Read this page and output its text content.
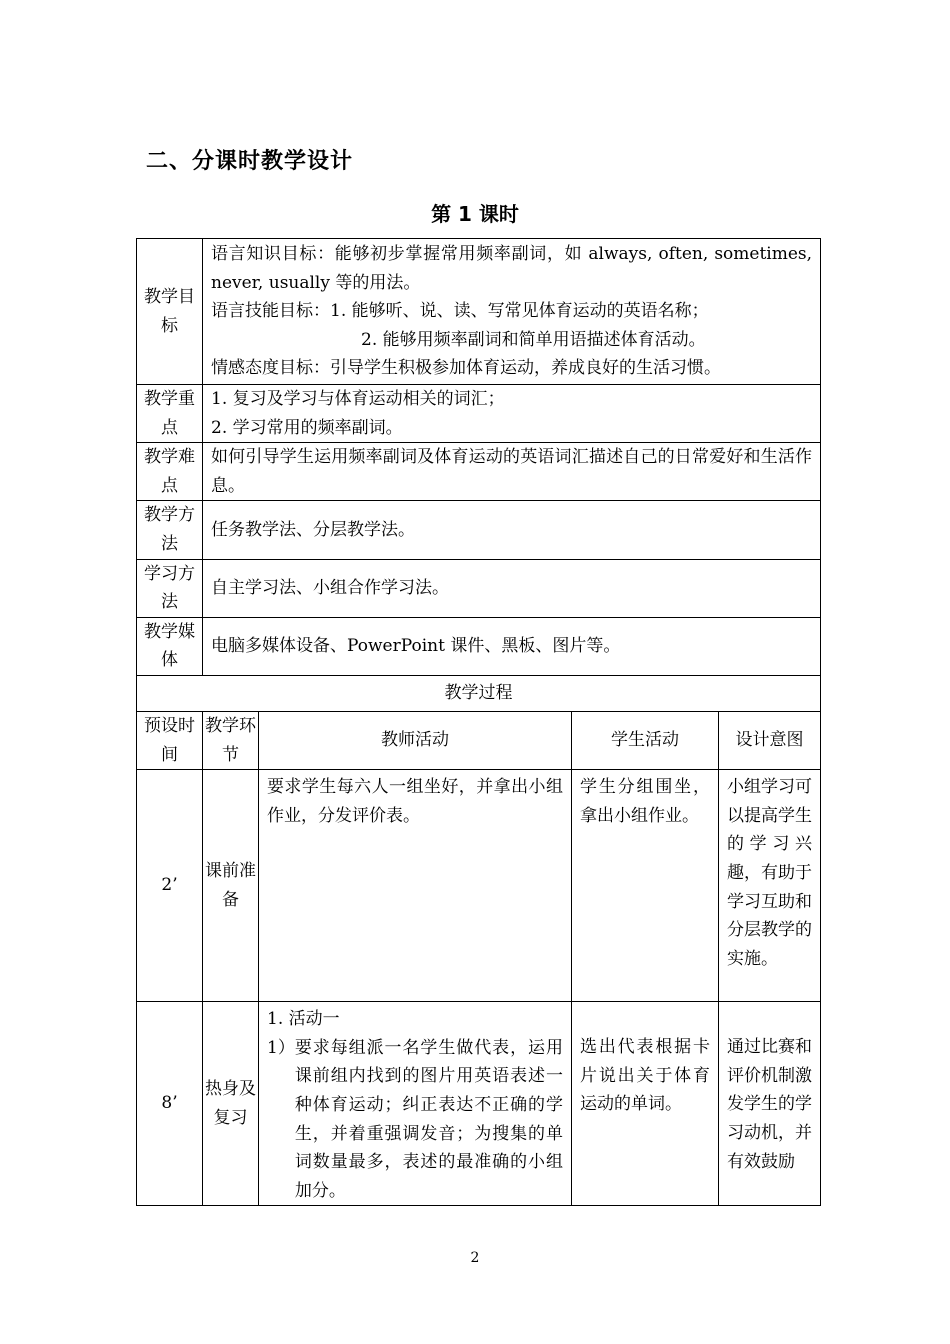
二、分课时教学设计
第 1 课时
教学目标	语言知识目标：能够初步掌握常用频率副词，如 always, often, sometimes, never, usually 等的用法。
语言技能目标：1. 能够听、说、读、写常见体育运动的英语名称；
2. 能够用频率副词和简单用语描述体育活动。
情感态度目标：引导学生积极参加体育运动，养成良好的生活习惯。			

教学重点	1. 复习及学习与体育运动相关的词汇；
2. 学习常用的频率副词。			

教学难点	如何引导学生运用频率副词及体育运动的英语词汇描述自己的日常爱好和生活作息。			
教学方法	任务教学法、分层教学法。			
学习方法	自主学习法、小组合作学习法。			
教学媒体	电脑多媒体设备、PowerPoint 课件、黑板、图片等。			
教学过程				
预设时间	教学环节	教师活动	学生活动	设计意图
2’	课前准备	要求学生每六人一组坐好，并拿出小组作业，分发评价表。	学生分组围坐，拿出小组作业。	小组学习可以提高学生的学习兴趣，有助于学习互助和分层教学的实施。
8’	热身及复习	1. 活动一
1） 要求每组派一名学生做代表，运用课前组内找到的图片用英语表述一种体育运动；纠正表达不正确的学生，并着重强调发音；为搜集的单词数量最多，表述的最准确的小组加分。	选出代表根据卡片说出关于体育运动的单词。	通过比赛和评价机制激发学生的学习动机，并有效鼓励
2
